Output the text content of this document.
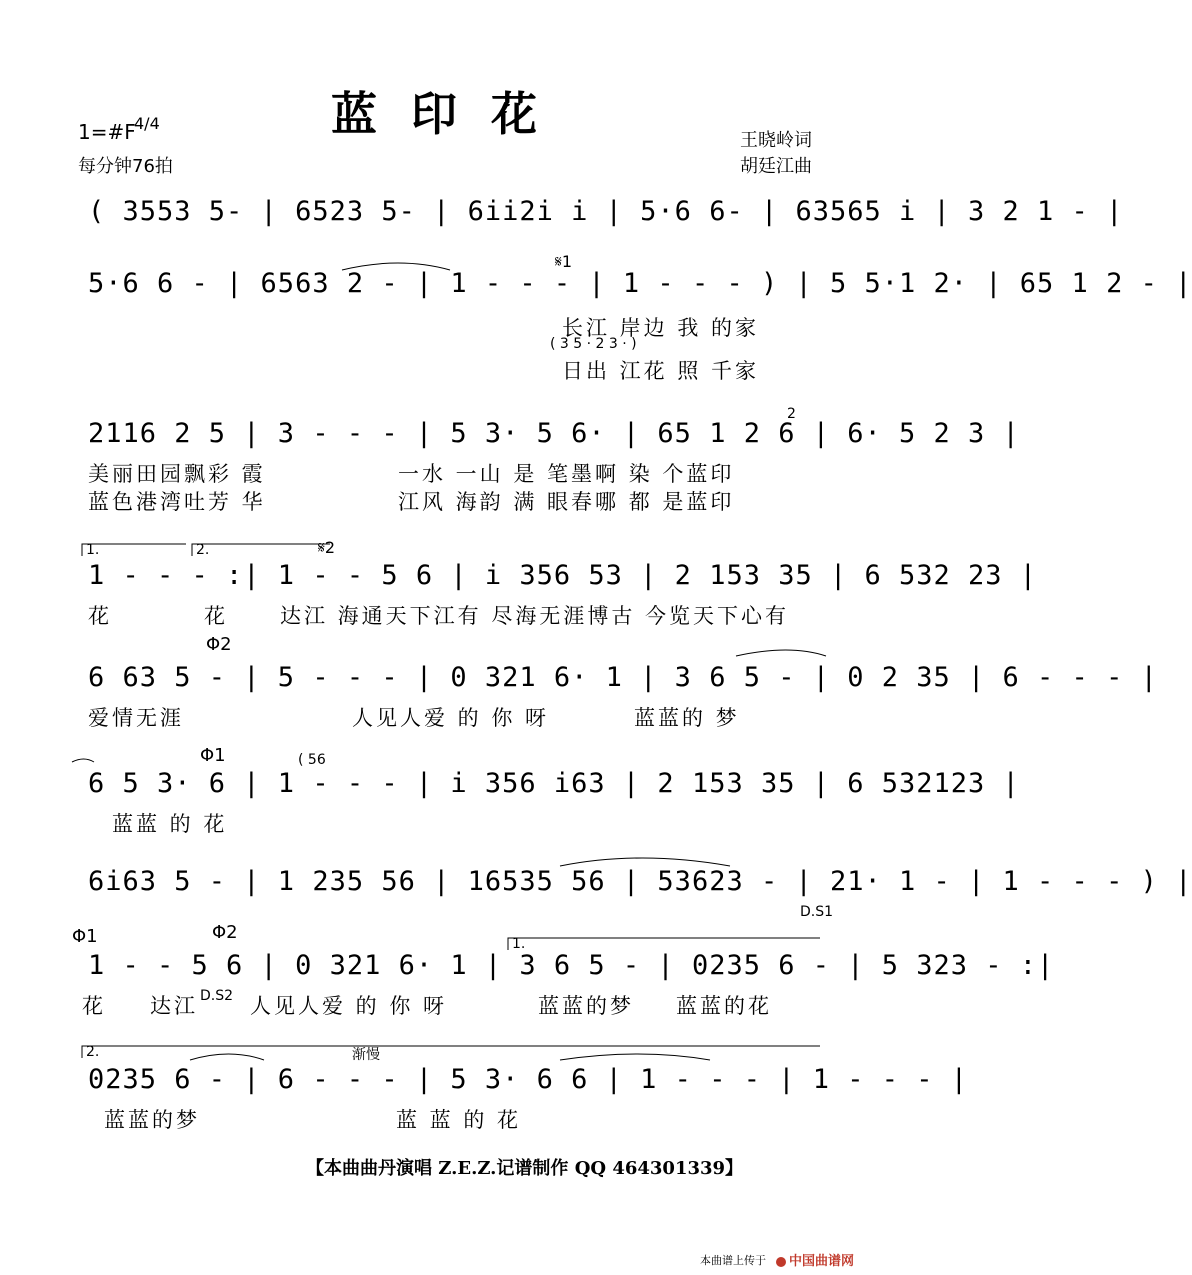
蓝印花
1=#F
4/4
每分钟76拍
王晓岭词
胡廷江曲
( 3553 5- | 6523 5- | 6ii2i i | 5·6 6- | 63565 i | 3 2 1 - |
𝄋1
5·6 6 - | 6563 2 - | 1 - - - | 1 - - - ) | 5 5·1 2· | 65 1 2 - |
长江 岸边 我 的家
( 3 5 · 2 3 · )
日出 江花 照 千家
2
2116 2 5 | 3 - - - | 5 3· 5 6· | 65 1 2 6 | 6· 5 2 3 |
美丽田园飘彩 霞	一水 一山 是 笔墨啊 染 个蓝印
蓝色港湾吐芳 华	江风 海韵 满 眼春哪 都 是蓝印
1.	2.	𝄋2
1 - - - :| 1 - - 5 6 | i 356 53 | 2 153 35 | 6 532 23 |
花	花 达江 海通天下江有 尽海无涯博古 今览天下心有
Φ2
6 63 5 - | 5 - - - | 0 321 6· 1 | 3 6 5 - | 0 2 35 | 6 - - - |
爱情无涯	人见人爱 的 你 呀	蓝蓝的 梦
Φ1	( 56
6 5 3· 6 | 1 - - - | i 356 i63 | 2 153 35 | 6 532123 |
蓝蓝 的 花
6i63 5 - | 1 235 56 | 16535 56 | 53623 - | 21· 1 - | 1 - - - ) |
D.S1
Φ1	Φ2
1.
1 - - 5 6 | 0 321 6· 1 | 3 6 5 - | 0235 6 - | 5 323 - :|
花 达江 D.S2 人见人爱 的 你 呀	蓝蓝的梦 蓝蓝的花
2.	渐慢
0235 6 - | 6 - - - | 5 3· 6 6 | 1 - - - | 1 - - - |
蓝蓝的梦	蓝 蓝 的 花
【本曲曲丹演唱 Z.E.Z.记谱制作 QQ 464301339】
本曲谱上传于	中国曲谱网
